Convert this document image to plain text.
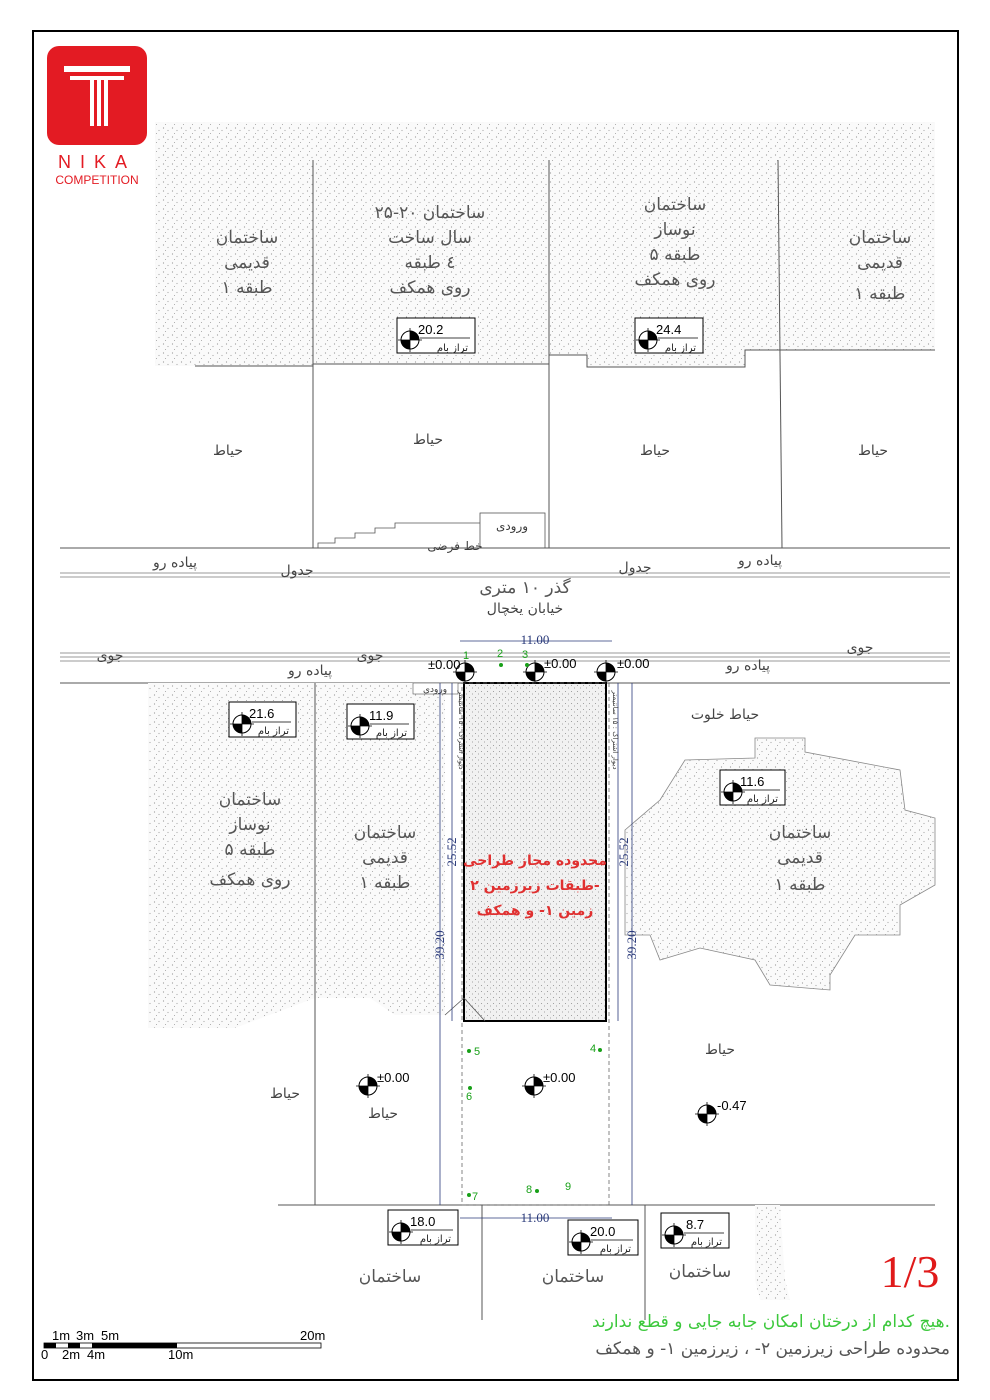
NIKA
COMPETITION
ساختمان
قدیمی
۱ طبقه
ساختمان ۲۰-۲۵
سال ساخت
٤ طبقه
روی همکف
ساختمان
نوساز
۵ طبقه
روی همکف
ساختمان
قدیمی
۱ طبقه
20.2
تراز بام
24.4
تراز بام
حیاط
حیاط
حیاط	حیاط
ورودی
خط فرضی
پیاده رو	پیاده رو
جدول	جدول
گذر ۱۰ متری
خیابان یخچال
جوی	جوی	جوی
پیاده رو	پیاده رو
ورودی
11.00
11.00
25.52	25.52
39.20	39.20
دیوار اشتراک : ۱۵ سانتیمتر
دیوار اشتراک : ۱۵ سانتیمتر
±0.00	±0.00	±0.00
±0.00	±0.00
-0.47
1	2 3
4
5
6
7
8	9
21.6
تراز بام
11.9
تراز بام
11.6
تراز بام
18.0
تراز بام
20.0
تراز بام
8.7
تراز بام
حیاط خلوت
ساختمان
نوساز
۵ طبقه
روی همکف
ساختمان
قدیمی
۱ طبقه
ساختمان
قدیمی
۱ طبقه
محدوده مجاز طراحی
طبقات زیرزمین ۲-
زمین ۱- و همکف
حیاط
حیاط
حیاط
ساختمان	ساختمان	ساختمان	1/3
هیچ کدام از درختان امکان جابه جایی و قطع ندارند.
محدوده طراحی زیرزمین ۲- ، زیرزمین ۱- و همکف
1m 3m 5m	20m
0 2m 4m	10m
